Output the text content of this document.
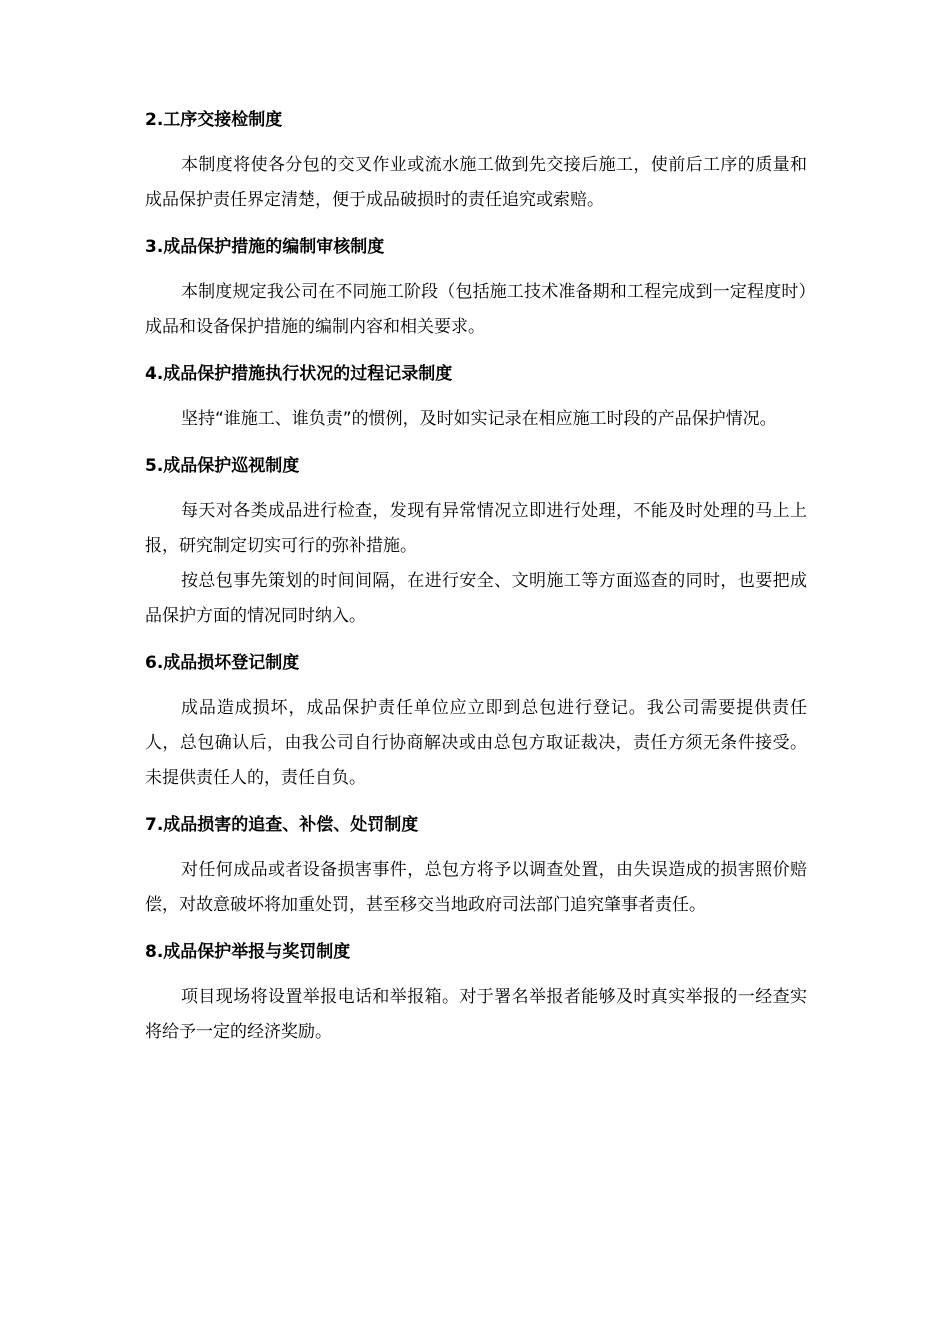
2.工序交接检制度

本制度将使各分包的交叉作业或流水施工做到先交接后施工，使前后工序的质量和成品保护责任界定清楚，便于成品破损时的责任追究或索赔。

3.成品保护措施的编制审核制度

本制度规定我公司在不同施工阶段（包括施工技术准备期和工程完成到一定程度时）成品和设备保护措施的编制内容和相关要求。

4.成品保护措施执行状况的过程记录制度

坚持“谁施工、谁负责”的惯例，及时如实记录在相应施工时段的产品保护情况。

5.成品保护巡视制度

每天对各类成品进行检查，发现有异常情况立即进行处理，不能及时处理的马上上报，研究制定切实可行的弥补措施。

按总包事先策划的时间间隔，在进行安全、文明施工等方面巡查的同时，也要把成品保护方面的情况同时纳入。

6.成品损坏登记制度

成品造成损坏，成品保护责任单位应立即到总包进行登记。我公司需要提供责任人，总包确认后，由我公司自行协商解决或由总包方取证裁决，责任方须无条件接受。未提供责任人的，责任自负。

7.成品损害的追查、补偿、处罚制度

对任何成品或者设备损害事件，总包方将予以调查处置，由失误造成的损害照价赔偿，对故意破坏将加重处罚，甚至移交当地政府司法部门追究肇事者责任。

8.成品保护举报与奖罚制度

项目现场将设置举报电话和举报箱。对于署名举报者能够及时真实举报的一经查实将给予一定的经济奖励。
